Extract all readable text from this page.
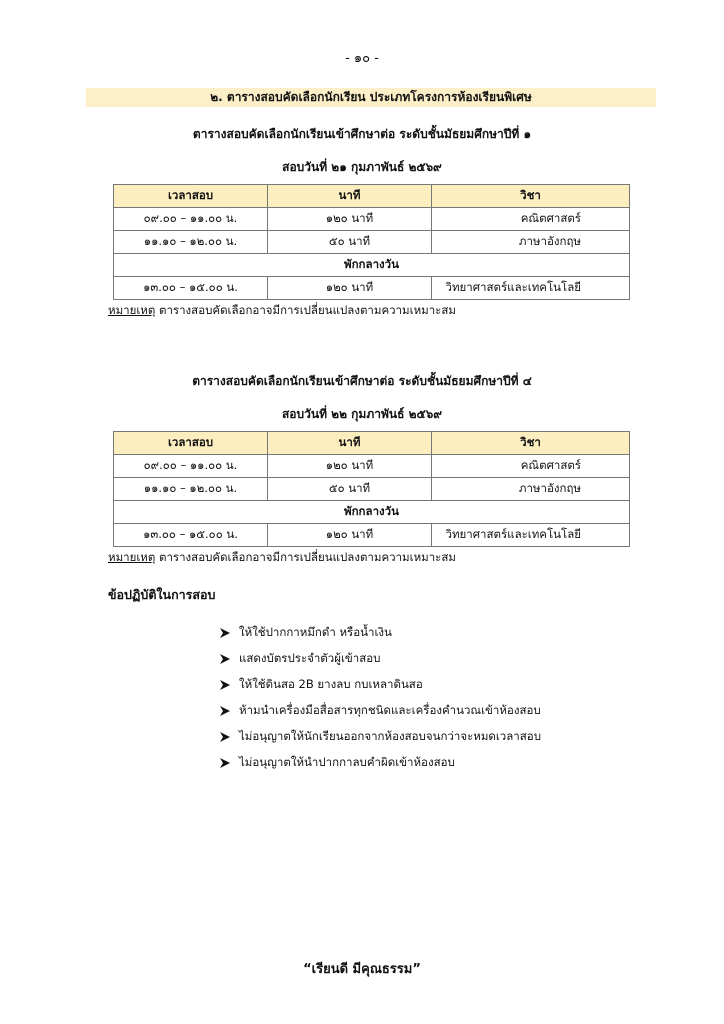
- ๑๐ -
๒. ตารางสอบคัดเลือกนักเรียน ประเภทโครงการห้องเรียนพิเศษ
ตารางสอบคัดเลือกนักเรียนเข้าศึกษาต่อ ระดับชั้นมัธยมศึกษาปีที่ ๑
สอบวันที่ ๒๑ กุมภาพันธ์ ๒๕๖๙
เวลาสอบ	นาที	วิชา
๐๙.๐๐ – ๑๑.๐๐ น.	๑๒๐ นาที	คณิตศาสตร์
๑๑.๑๐ – ๑๒.๐๐ น.	๕๐ นาที	ภาษาอังกฤษ
พักกลางวัน		
๑๓.๐๐ – ๑๕.๐๐ น.	๑๒๐ นาที	วิทยาศาสตร์และเทคโนโลยี
หมายเหตุ ตารางสอบคัดเลือกอาจมีการเปลี่ยนแปลงตามความเหมาะสม
ตารางสอบคัดเลือกนักเรียนเข้าศึกษาต่อ ระดับชั้นมัธยมศึกษาปีที่ ๔
สอบวันที่ ๒๒ กุมภาพันธ์ ๒๕๖๙
เวลาสอบ	นาที	วิชา
๐๙.๐๐ – ๑๑.๐๐ น.	๑๒๐ นาที	คณิตศาสตร์
๑๑.๑๐ – ๑๒.๐๐ น.	๕๐ นาที	ภาษาอังกฤษ
พักกลางวัน		
๑๓.๐๐ – ๑๕.๐๐ น.	๑๒๐ นาที	วิทยาศาสตร์และเทคโนโลยี
หมายเหตุ ตารางสอบคัดเลือกอาจมีการเปลี่ยนแปลงตามความเหมาะสม
ข้อปฏิบัติในการสอบ
ให้ใช้ปากกาหมึกดำ หรือน้ำเงิน
แสดงบัตรประจำตัวผู้เข้าสอบ
ให้ใช้ดินสอ 2B ยางลบ กบเหลาดินสอ
ห้ามนำเครื่องมือสื่อสารทุกชนิดและเครื่องคำนวณเข้าห้องสอบ
ไม่อนุญาตให้นักเรียนออกจากห้องสอบจนกว่าจะหมดเวลาสอบ
ไม่อนุญาตให้นำปากกาลบคำผิดเข้าห้องสอบ
“เรียนดี มีคุณธรรม”
